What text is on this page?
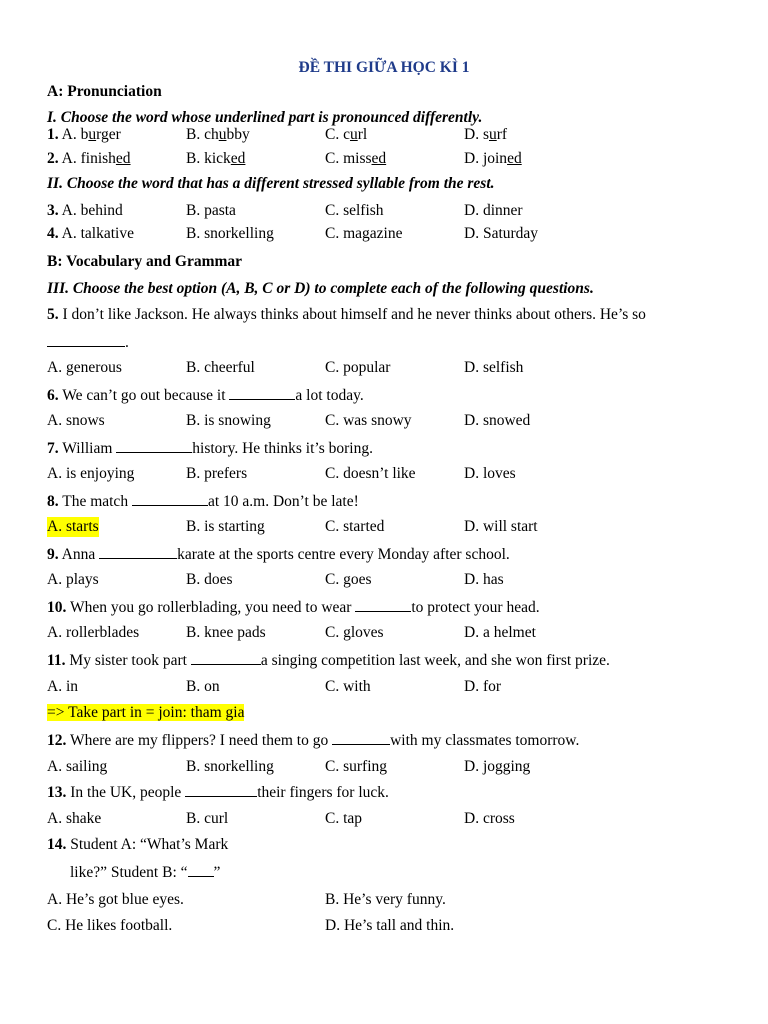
ĐỀ THI GIỮA HỌC KÌ 1
A: Pronunciation
I. Choose the word whose underlined part is pronounced differently.
1. A. burger	B. chubby	C. curl	D. surf
2. A. finished	B. kicked	C. missed	D. joined
II. Choose the word that has a different stressed syllable from the rest.
3. A. behind	B. pasta	C. selfish	D. dinner
4. A. talkative	B. snorkelling	C. magazine	D. Saturday
B: Vocabulary and Grammar
III. Choose the best option (A, B, C or D) to complete each of the following questions.
5. I don’t like Jackson. He always thinks about himself and he never thinks about others. He’s so
.
A. generous	B. cheerful	C. popular	D. selfish
6. We can’t go out because it	a lot today.
A. snows	B. is snowing	C. was snowy	D. snowed
7. William	history. He thinks it’s boring.
A. is enjoying	B. prefers	C. doesn’t like	D. loves
8. The match	at 10 a.m. Don’t be late!
A. starts	B. is starting	C. started	D. will start
9. Anna	karate at the sports centre every Monday after school.
A. plays	B. does	C. goes	D. has
10. When you go rollerblading, you need to wear	to protect your head.
A. rollerblades	B. knee pads	C. gloves	D. a helmet
11. My sister took part	a singing competition last week, and she won first prize.
A. in	B. on	C. with	D. for
=> Take part in = join: tham gia
12. Where are my flippers? I need them to go	with my classmates tomorrow.
A. sailing	B. snorkelling	C. surfing	D. jogging
13. In the UK, people	their fingers for luck.
A. shake	B. curl	C. tap	D. cross
14. Student A: “What’s Mark
like?” Student B: “ ”
A. He’s got blue eyes.	B. He’s very funny.
C. He likes football.	D. He’s tall and thin.
